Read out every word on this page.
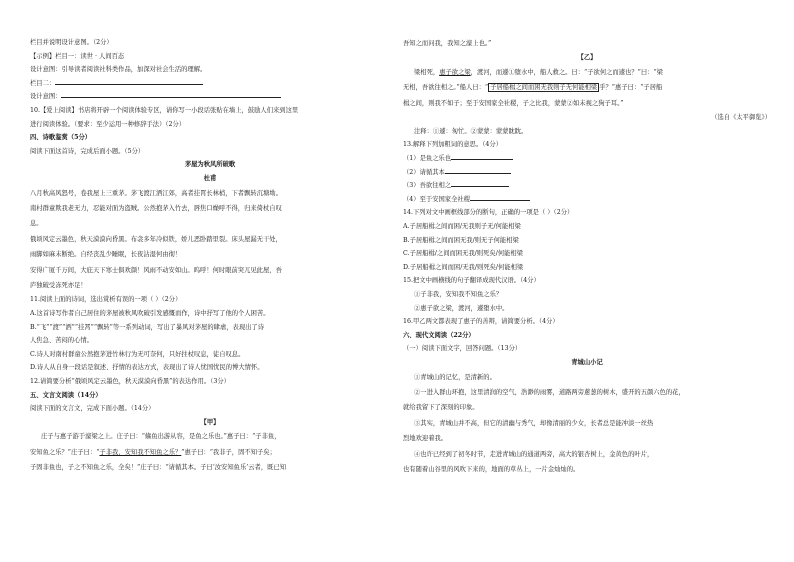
栏目并说明设计意图。（2分）
【示例】栏目一：读世 · 人间百态
设计意图：引导读者阅读社科类作品，加深对社会生活的理解。
栏目二：
设计意图：
10.【爱上阅读】书店将开辟一个阅读体验专区，请你写一小段话张贴在墙上，鼓励人们来到这里
进行阅读体验。（要求：至少运用一种修辞手法）（2分）
四、诗歌鉴赏（5分）
阅读下面这首诗，完成后面小题。（5分）
茅屋为秋风所破歌
杜甫
八月秋高风怒号，卷我屋上三重茅。茅飞渡江洒江郊，高者挂罥长林梢，下者飘转沉塘坳。
南村群童欺我老无力，忍能对面为盗贼。公然抱茅入竹去，唇焦口燥呼不得，归来倚杖自叹
息。
俄顷风定云墨色，秋天漠漠向昏黑。布衾多年冷似铁，娇儿恶卧踏里裂。床头屋漏无干处，
雨脚如麻未断绝。自经丧乱少睡眠，长夜沾湿何由彻！
安得广厦千万间，大庇天下寒士俱欢颜！风雨不动安如山。呜呼！何时眼前突兀见此屋，吾
庐独破受冻死亦足！
11.阅读上面的诗词，选出赏析有误的一项（ ）（2分）
A.这首诗写作者自己居住的茅屋被秋风吹破引发感慨而作，诗中抒写了他的个人困苦。
B.“飞”“渡”“洒”“挂罥”“飘转”等一系列动词，写出了暴风对茅屋的肆虐，表现出了诗
人焦急、苦闷的心情。
C.诗人对南村群童公然抱茅进竹林行为无可奈何，只好拄杖叹息，徒自叹息。
D.诗人从自身一段话是叙述、抒情的表达方式，表现出了诗人忧国忧民的博大情怀。
12.请简要分析“俄顷风定云墨色，秋天漠漠向昏黑”的表达作用。（3分）
五、文言文阅读（14分）
阅读下面的文言文，完成下面小题。（14分）
【甲】
庄子与惠子游于濠梁之上。庄子曰：“鯈鱼出游从容，是鱼之乐也。”惠子曰：“子非鱼，
安知鱼之乐？”庄子曰：“子非我，安知我不知鱼之乐？”惠子曰：“我非子，固不知子矣；
子固非鱼也，子之不知鱼之乐，全矣！”庄子曰：“请循其本。子曰‘汝安知鱼乐’云者，既已知
吾知之而问我，我知之濠上也。”
【乙】
梁相死，惠子欲之梁，渡河，而遽①堕水中，船人救之。曰：“子欲何之而遽也？”曰：“梁
无相，吾欲往相之。”船人曰：“ 子居船楫之间而困无我则子无何能相梁 乎？”惠子曰：“子居船
楫之间，则我不如子；至于安国家全社稷，子之比我，蒙蒙②如未视之狗子耳。”
（选自《太平御览》）
注释：①遽：匆忙。②蒙蒙：蒙蒙眈眈。
13.解释下列加粗词的意思。（4分）
（1）是鱼之乐也
（2）请循其本
（3）吾欲往相之
（4）至于安国家全社稷
14.下列对文中画框线部分的断句，正确的一项是（ ）（2分）
A.子居船楫之间而困/无我则子无/何能相梁
B.子居船楫之间而困无我/则无子何能相梁
C.子居船楫/之间而困无我/则死矣/何能相梁
D.子居船楫之间而困/无我/则死矣/何能相梁
15.把文中画横线的句子翻译成现代汉语。（4分）
①子非我，安知我不知鱼之乐？
②惠子欲之梁，渡河，遽堕水中。
16.甲乙两文都表现了惠子的善辩，请简要分析。（4分）
六、现代文阅读（22分）
（一）阅读下面文字，回答问题。（13分）
青城山小记
①青城山的记忆，是清新的。
②一进入群山环抱，这里清润的空气，浩渺的雨雾，道路两旁蔥葱的树木，盛开的五颜六色的花，
就给我留下了深刻的印象。
③其实，青城山并不高，但它的清幽与秀气，却像清丽的少女，长者总是能冲淡一丝热
烈地欢迎着我。
④也许已经到了初冬时节，走进青城山的通道两旁，高大的银杏树上，金黄色的叶片，
也有随着山谷里的风吹下来的，地面的草丛上，一片金灿灿的。
